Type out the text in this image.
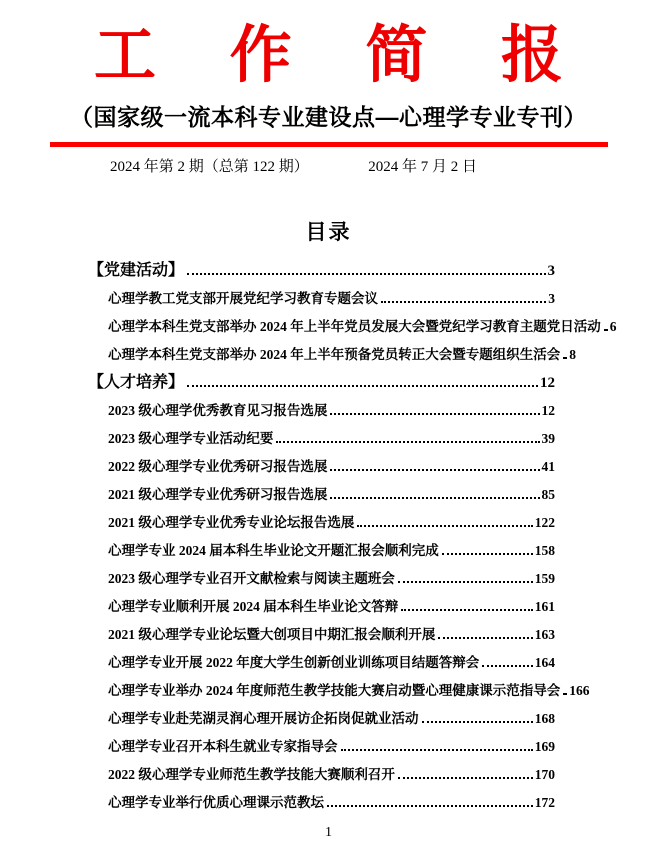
工 作 简 报
（国家级一流本科专业建设点—心理学专业专刊）
2024 年第 2 期（总第 122 期）	2024 年 7 月 2 日
目录
【党建活动】	3
心理学教工党支部开展党纪学习教育专题会议	3
心理学本科生党支部举办 2024 年上半年党员发展大会暨党纪学习教育主题党日活动 6
心理学本科生党支部举办 2024 年上半年预备党员转正大会暨专题组织生活会 8
【人才培养】	12
2023 级心理学优秀教育见习报告选展	12
2023 级心理学专业活动纪要	39
2022 级心理学专业优秀研习报告选展	41
2021 级心理学专业优秀研习报告选展	85
2021 级心理学专业优秀专业论坛报告选展	122
心理学专业 2024 届本科生毕业论文开题汇报会顺利完成	158
2023 级心理学专业召开文献检索与阅读主题班会	159
心理学专业顺利开展 2024 届本科生毕业论文答辩	161
2021 级心理学专业论坛暨大创项目中期汇报会顺利开展	163
心理学专业开展 2022 年度大学生创新创业训练项目结题答辩会	164
心理学专业举办 2024 年度师范生教学技能大赛启动暨心理健康课示范指导会 166
心理学专业赴芜湖灵润心理开展访企拓岗促就业活动	168
心理学专业召开本科生就业专家指导会	169
2022 级心理学专业师范生教学技能大赛顺利召开	170
心理学专业举行优质心理课示范教坛	172
1
